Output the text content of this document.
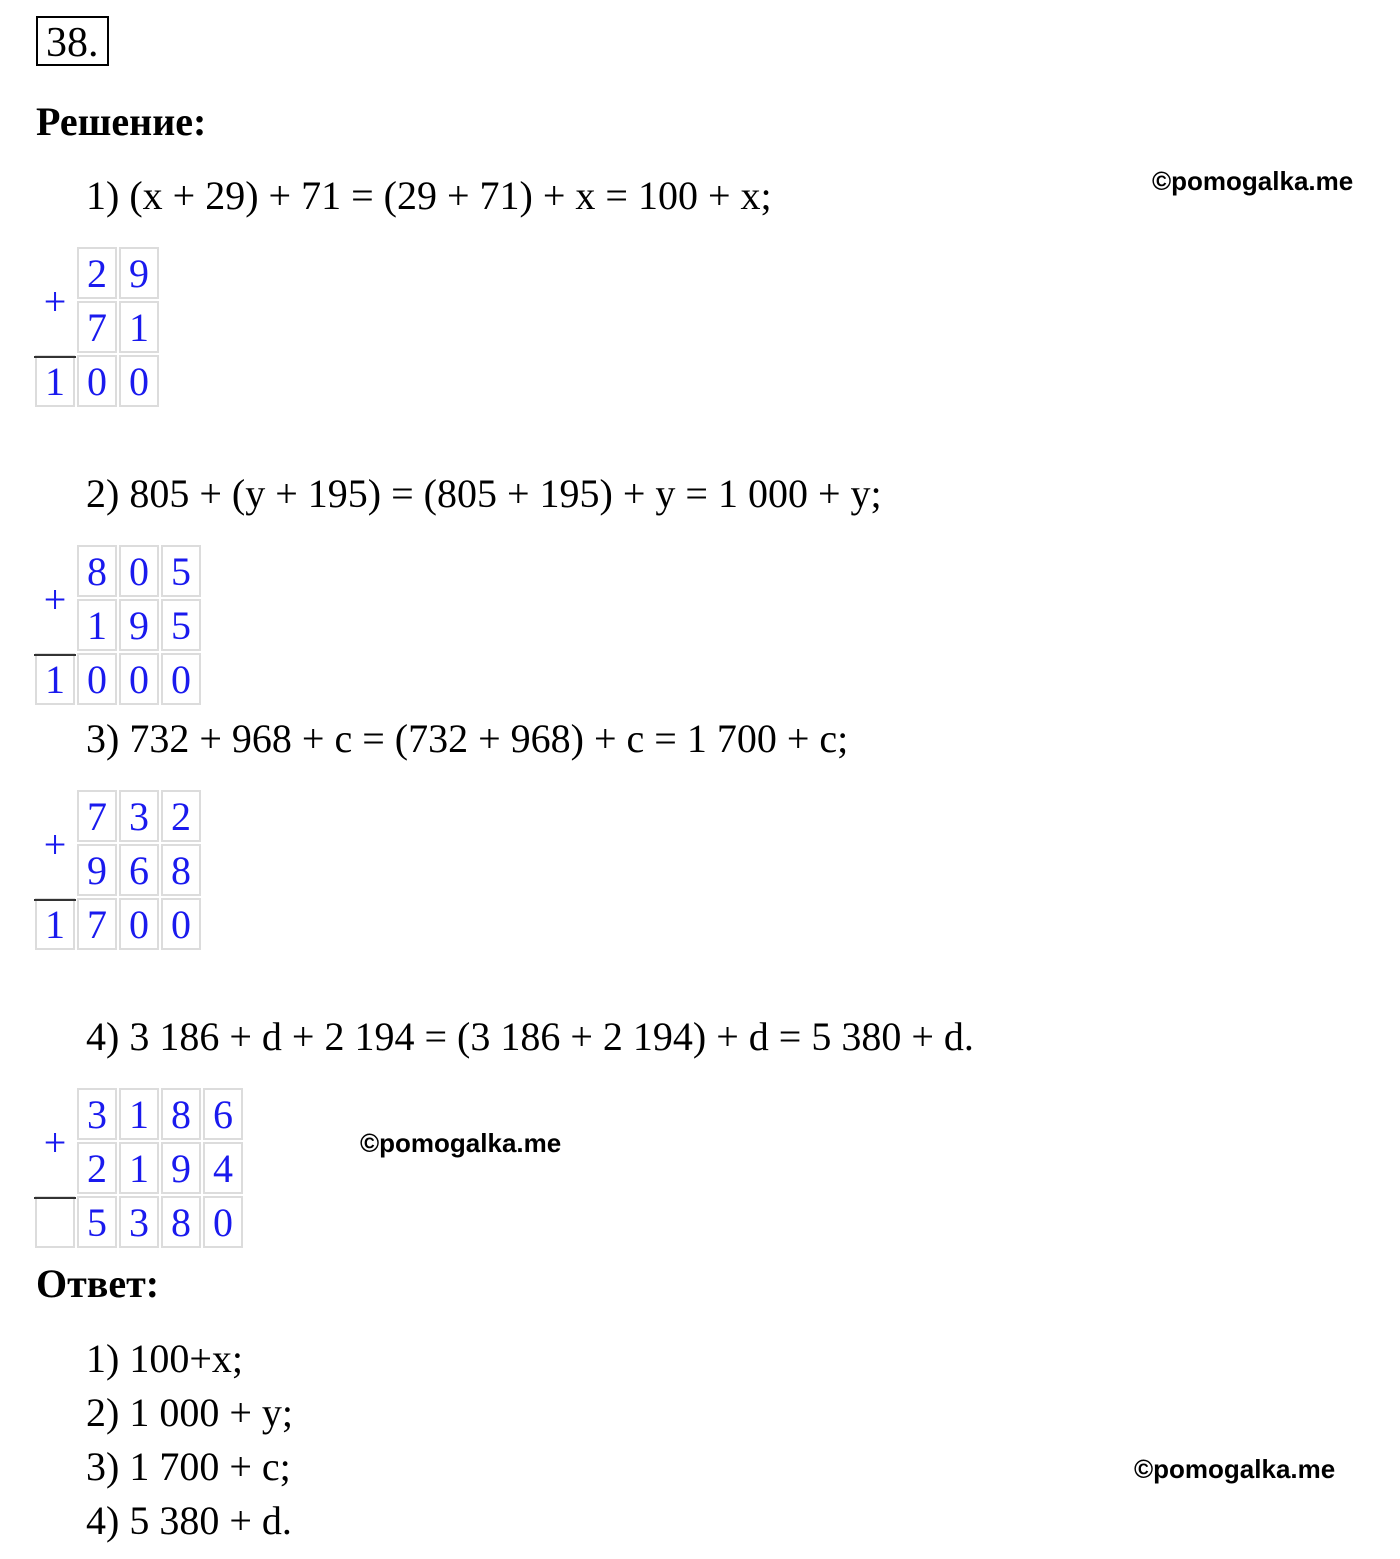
38.
Решение:
©pomogalka.me
©pomogalka.me
©pomogalka.me
1) (x + 29) + 71 = (29 + 71) + x = 100 + x;
2) 805 + (y + 195) = (805 + 195) + y = 1 000 + y;
3) 732 + 968 + c = (732 + 968) + c = 1 700 + c;
4) 3 186 + d + 2 194 = (3 186 + 2 194) + d = 5 380 + d.
2 9
7 1
1 0 0
+
8 0 5
1 9 5
1 0 0 0
+
7 3 2
9 6 8
1 7 0 0
+
3 1 8 6
2 1 9 4
5 3 8 0
+
Ответ:
1) 100+x;
2) 1 000 + y;
3) 1 700 + c;
4) 5 380 + d.
